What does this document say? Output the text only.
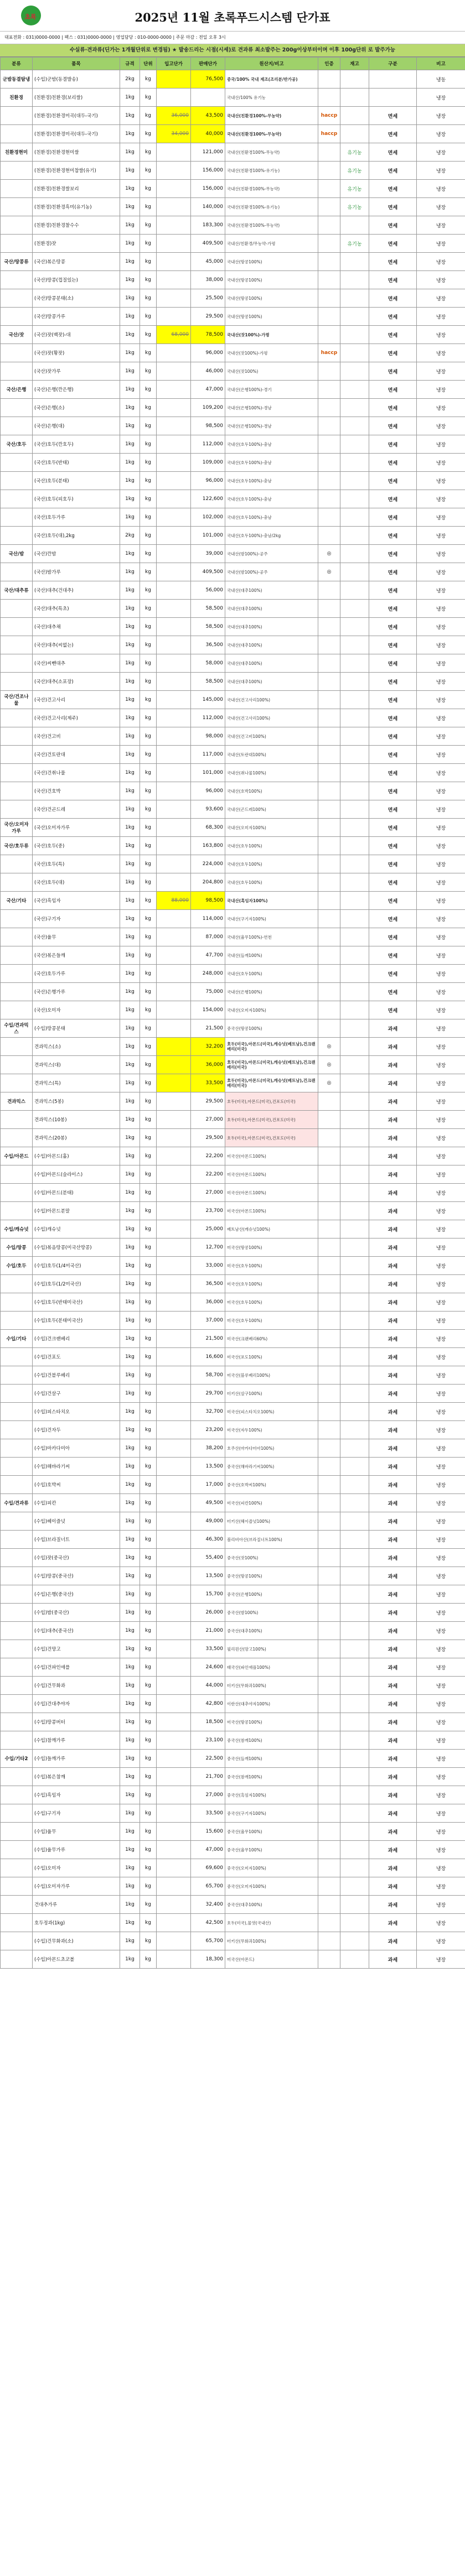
초록	2025년 11월 초록푸드시스템 단가표
대표전화 : 031)0000-0000 | 팩스 : 031)0000-0000 | 영업담당 : 010-0000-0000 | 주문 마감 : 전일 오후 3시
수실류·견과류(딘가는 1개월단위로 변경됨) ★ 발송드리는 시점(시세)로 견과류 최소발주는 200g이상부터이며 이후 100g단위 로 발주가능
분류	품목	규격	단위	입고단가	판매단가	원산지/비고	인증	재고	구분	비고
군밤동결탐냉	(수입)군밤(동결발송)	2kg	kg		76,500	중국/100% 국내 제조(조리분/반가공)				냉동
친환경	(친환경)친환경(보리쌀)	1kg	kg			국내산/100% 유기농				냉장
	(친환경)친환경미곡(대두-국기)	1kg	kg	36,000	43,500	국내산(친환경100%-무농약)	haccp		면세	냉장
	(친환경)친환경미곡(대두-국기)	1kg	kg	34,000	40,000	국내산(친환경100%-무농약)	haccp		면세	냉장
친환경현미	(친환경)친환경현미쌀	1kg	kg		121,000	국내산(친환경100%-무농약)		유기농	면세	냉장
	(친환경)친환경현미찹쌀(유기)	1kg	kg		156,000	국내산(친환경100%-유기농)		유기농	면세	냉장
	(친환경)친환경쌀보리	1kg	kg		156,000	국내산(친환경100%-무농약)		유기농	면세	냉장
	(친환경)친환경흑미(유기농)	1kg	kg		140,000	국내산(친환경100%-유기농)		유기농	면세	냉장
	(친환경)친환경찰수수	1kg	kg		183,300	국내산(친환경100%-무농약)			면세	냉장
	(친환경)잣	1kg	kg		409,500	국내산/친환경/무농약-가평		유기농	면세	냉장
국산/땅콩류	(국산)볶은땅콩	1kg	kg		45,000	국내산(땅콩100%)			면세	냉장
	(국산)땅콩(껍질있는)	1kg	kg		38,000	국내산(땅콩100%)			면세	냉장
	(국산)땅콩분태(소)	1kg	kg		25,500	국내산(땅콩100%)			면세	냉장
	(국산)땅콩가루	1kg	kg		29,500	국내산(땅콩100%)			면세	냉장
국산/잣	(국산)잣(백잣)-대	1kg	kg	68,000	78,500	국내산(잣100%)-가평			면세	냉장
	(국산)잣(황잣)	1kg	kg		96,000	국내산(잣100%)-가평	haccp		면세	냉장
	(국산)잣가루	1kg	kg		46,000	국내산(잣100%)			면세	냉장
국산/은행	(국산)은행(깐은행)	1kg	kg		47,000	국내산(은행100%)-경기			면세	냉장
	(국산)은행(소)	1kg	kg		109,200	국내산(은행100%)-경남			면세	냉장
	(국산)은행(대)	1kg	kg		98,500	국내산(은행100%)-경남			면세	냉장
국산/호두	(국산)호두(깐호두)	1kg	kg		112,000	국내산(호두100%)-충남			면세	냉장
	(국산)호두(반태)	1kg	kg		109,000	국내산(호두100%)-충남			면세	냉장
	(국산)호두(분태)	1kg	kg		96,000	국내산(호두100%)-충남			면세	냉장
	(국산)호두(피호두)	1kg	kg		122,600	국내산(호두100%)-충남			면세	냉장
	(국산)호두가루	1kg	kg		102,000	국내산(호두100%)-충남			면세	냉장
	(국산)호두(대),2kg	2kg	kg		101,000	국내산(호두100%)-충남/2kg			면세	냉장
국산/밤	(국산)깐밤	1kg	kg		39,000	국내산(밤100%)-공주	◎		면세	냉장
	(국산)밤가루	1kg	kg		409,500	국내산(밤100%)-공주	◎		면세	냉장
국산/대추류	(국산)대추(건대추)	1kg	kg		56,000	국내산(대추100%)			면세	냉장
	(국산)대추(특초)	1kg	kg		58,500	국내산(대추100%)			면세	냉장
	(국산)대추채	1kg	kg		58,500	국내산(대추100%)			면세	냉장
	(국산)대추(씨없는)	1kg	kg		36,500	국내산(대추100%)			면세	냉장
	(국산)씨뺀대추	1kg	kg		58,000	국내산(대추100%)			면세	냉장
	(국산)대추(소포장)	1kg	kg		58,500	국내산(대추100%)			면세	냉장
국산/건조나물	(국산)건고사리	1kg	kg		145,000	국내산(건고사리100%)			면세	냉장
	(국산)건고사리(제주)	1kg	kg		112,000	국내산(건고사리100%)			면세	냉장
	(국산)건고비	1kg	kg		98,000	국내산(건고비100%)			면세	냉장
	(국산)건토란대	1kg	kg		117,000	국내산(토란대100%)			면세	냉장
	(국산)건취나물	1kg	kg		101,000	국내산(취나물100%)			면세	냉장
	(국산)건호박	1kg	kg		96,000	국내산(호박100%)			면세	냉장
	(국산)건곤드레	1kg	kg		93,600	국내산(곤드레100%)			면세	냉장
국산/오미자가루	(국산)오미자가루	1kg	kg		68,300	국내산(오미자100%)			면세	냉장
국산/호두류	(국산)호두(중)	1kg	kg		163,800	국내산(호두100%)			면세	냉장
	(국산)호두(특)	1kg	kg		224,000	국내산(호두100%)			면세	냉장
	(국산)호두(대)	1kg	kg		204,800	국내산(호두100%)			면세	냉장
국산/기타	(국산)흑임자	1kg	kg	88,000	98,500	국내산(흑임자100%)			면세	냉장
	(국산)구기자	1kg	kg		114,000	국내산(구기자100%)			면세	냉장
	(국산)율무	1kg	kg		87,000	국내산(율무100%)-연천			면세	냉장
	(국산)볶은들깨	1kg	kg		47,700	국내산(들깨100%)			면세	냉장
	(국산)호두가루	1kg	kg		248,000	국내산(호두100%)			면세	냉장
	(국산)은행가루	1kg	kg		75,000	국내산(은행100%)			면세	냉장
	(국산)오미자	1kg	kg		154,000	국내산(오미자100%)			면세	냉장
수입/견과믹스	(수입)땅콩분태	1kg	kg		21,500	중국산(땅콩100%)			과세	냉장
	견과믹스(소)	1kg	kg		32,200	호두(미국),아몬드(미국),캐슈넛(베트남),건크랜베리(미국)	◎		과세	냉장
	견과믹스(대)	1kg	kg		36,000	호두(미국),아몬드(미국),캐슈넛(베트남),건크랜베리(미국)	◎		과세	냉장
	견과믹스(특)	1kg	kg		33,500	호두(미국),아몬드(미국),캐슈넛(베트남),건크랜베리(미국)	◎		과세	냉장
견과믹스	견과믹스(5봉)	1kg	kg		29,500	호두(미국),아몬드(미국),건포도(미국)			과세	냉장
	견과믹스(10봉)	1kg	kg		27,000	호두(미국),아몬드(미국),건포도(미국)			과세	냉장
	견과믹스(20봉)	1kg	kg		29,500	호두(미국),아몬드(미국),건포도(미국)			과세	냉장
수입/아몬드	(수입)아몬드(홀)	1kg	kg		22,200	미국산(아몬드100%)			과세	냉장
	(수입)아몬드(슬라이스)	1kg	kg		22,200	미국산(아몬드100%)			과세	냉장
	(수입)아몬드(분태)	1kg	kg		27,000	미국산(아몬드100%)			과세	냉장
	(수입)아몬드분말	1kg	kg		23,700	미국산(아몬드100%)			과세	냉장
수입/캐슈넛	(수입)캐슈넛	1kg	kg		25,000	베트남산(캐슈넛100%)			과세	냉장
수입/땅콩	(수입)볶음땅콩(미국산땅콩)	1kg	kg		12,700	미국산(땅콩100%)			과세	냉장
수입/호두	(수입)호두(1/4미국산)	1kg	kg		33,000	미국산(호두100%)			과세	냉장
	(수입)호두(1/2미국산)	1kg	kg		36,500	미국산(호두100%)			과세	냉장
	(수입)호두(반태미국산)	1kg	kg		36,000	미국산(호두100%)			과세	냉장
	(수입)호두(분태미국산)	1kg	kg		37,000	미국산(호두100%)			과세	냉장
수입/기타	(수입)건크랜베리	1kg	kg		21,500	미국산(크랜베리60%)			과세	냉장
	(수입)건포도	1kg	kg		16,600	미국산(포도100%)			과세	냉장
	(수입)건블루베리	1kg	kg		58,700	미국산(블루베리100%)			과세	냉장
	(수입)건살구	1kg	kg		29,700	터키산(살구100%)			과세	냉장
	(수입)피스타치오	1kg	kg		32,700	미국산(피스타치오100%)			과세	냉장
	(수입)건자두	1kg	kg		23,200	미국산(자두100%)			과세	냉장
	(수입)마카다미아	1kg	kg		38,200	호주산(마카다미아100%)			과세	냉장
	(수입)해바라기씨	1kg	kg		13,500	중국산(해바라기씨100%)			과세	냉장
	(수입)호박씨	1kg	kg		17,000	중국산(호박씨100%)			과세	냉장
수입/견과류	(수입)피칸	1kg	kg		49,500	미국산(피칸100%)			과세	냉장
	(수입)헤이즐넛	1kg	kg		49,000	터키산(헤이즐넛100%)			과세	냉장
	(수입)브라질너트	1kg	kg		46,300	볼리비아산(브라질너트100%)			과세	냉장
	(수입)잣(중국산)	1kg	kg		55,400	중국산(잣100%)			과세	냉장
	(수입)땅콩(중국산)	1kg	kg		13,500	중국산(땅콩100%)			과세	냉장
	(수입)은행(중국산)	1kg	kg		15,700	중국산(은행100%)			과세	냉장
	(수입)밤(중국산)	1kg	kg		26,000	중국산(밤100%)			과세	냉장
	(수입)대추(중국산)	1kg	kg		21,000	중국산(대추100%)			과세	냉장
	(수입)건망고	1kg	kg		33,500	필리핀산(망고100%)			과세	냉장
	(수입)건파인애플	1kg	kg		24,600	태국산(파인애플100%)			과세	냉장
	(수입)건무화과	1kg	kg		44,000	터키산(무화과100%)			과세	냉장
	(수입)건대추야자	1kg	kg		42,800	이란산(대추야자100%)			과세	냉장
	(수입)땅콩버터	1kg	kg		18,500	미국산(땅콩100%)			과세	냉장
	(수입)참깨가루	1kg	kg		23,100	중국산(참깨100%)			과세	냉장
수입/기타2	(수입)들깨가루	1kg	kg		22,500	중국산(들깨100%)			과세	냉장
	(수입)볶은참깨	1kg	kg		21,700	중국산(참깨100%)			과세	냉장
	(수입)흑임자	1kg	kg		27,000	중국산(흑임자100%)			과세	냉장
	(수입)구기자	1kg	kg		33,500	중국산(구기자100%)			과세	냉장
	(수입)율무	1kg	kg		15,600	중국산(율무100%)			과세	냉장
	(수입)율무가루	1kg	kg		47,000	중국산(율무100%)			과세	냉장
	(수입)오미자	1kg	kg		69,600	중국산(오미자100%)			과세	냉장
	(수입)오미자가루	1kg	kg		65,700	중국산(오미자100%)			과세	냉장
	건대추가루	1kg	kg		32,400	중국산(대추100%)			과세	냉장
	호두정과(1kg)	1kg	kg		42,500	호두(미국),물엿(국내산)			과세	냉장
	(수입)건무화과(소)	1kg	kg		65,700	터키산(무화과100%)			과세	냉장
	(수입)아몬드초코볼	1kg	kg		18,300	미국산(아몬드)			과세	냉장
